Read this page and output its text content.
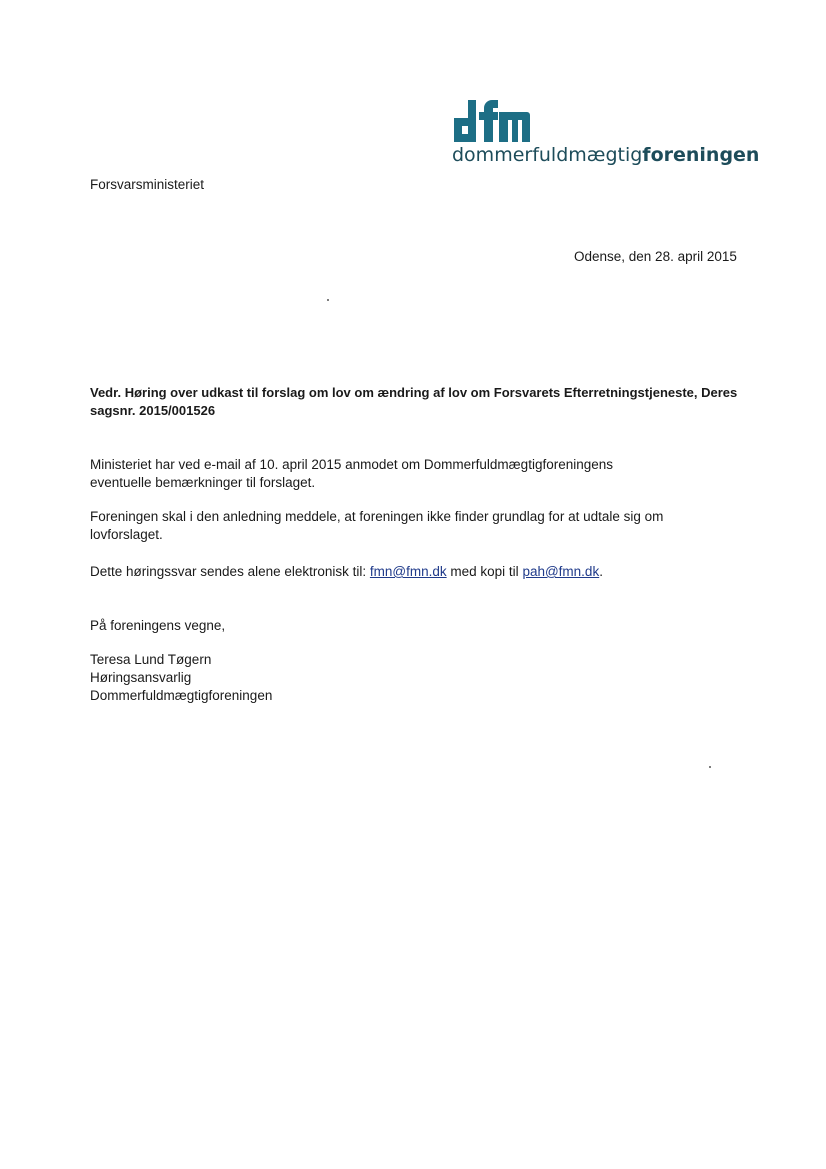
dommerfuldmægtigforeningen
Forsvarsministeriet
Odense, den 28. april 2015
Vedr. Høring over udkast til forslag om lov om ændring af lov om Forsvarets Efterretningstjeneste, Deres
sagsnr. 2015/001526
Ministeriet har ved e-mail af 10. april 2015 anmodet om Dommerfuldmægtigforeningens
eventuelle bemærkninger til forslaget.
Foreningen skal i den anledning meddele, at foreningen ikke finder grundlag for at udtale sig om
lovforslaget.
Dette høringssvar sendes alene elektronisk til: fmn@fmn.dk med kopi til pah@fmn.dk.
På foreningens vegne,
Teresa Lund Tøgern
Høringsansvarlig
Dommerfuldmægtigforeningen
